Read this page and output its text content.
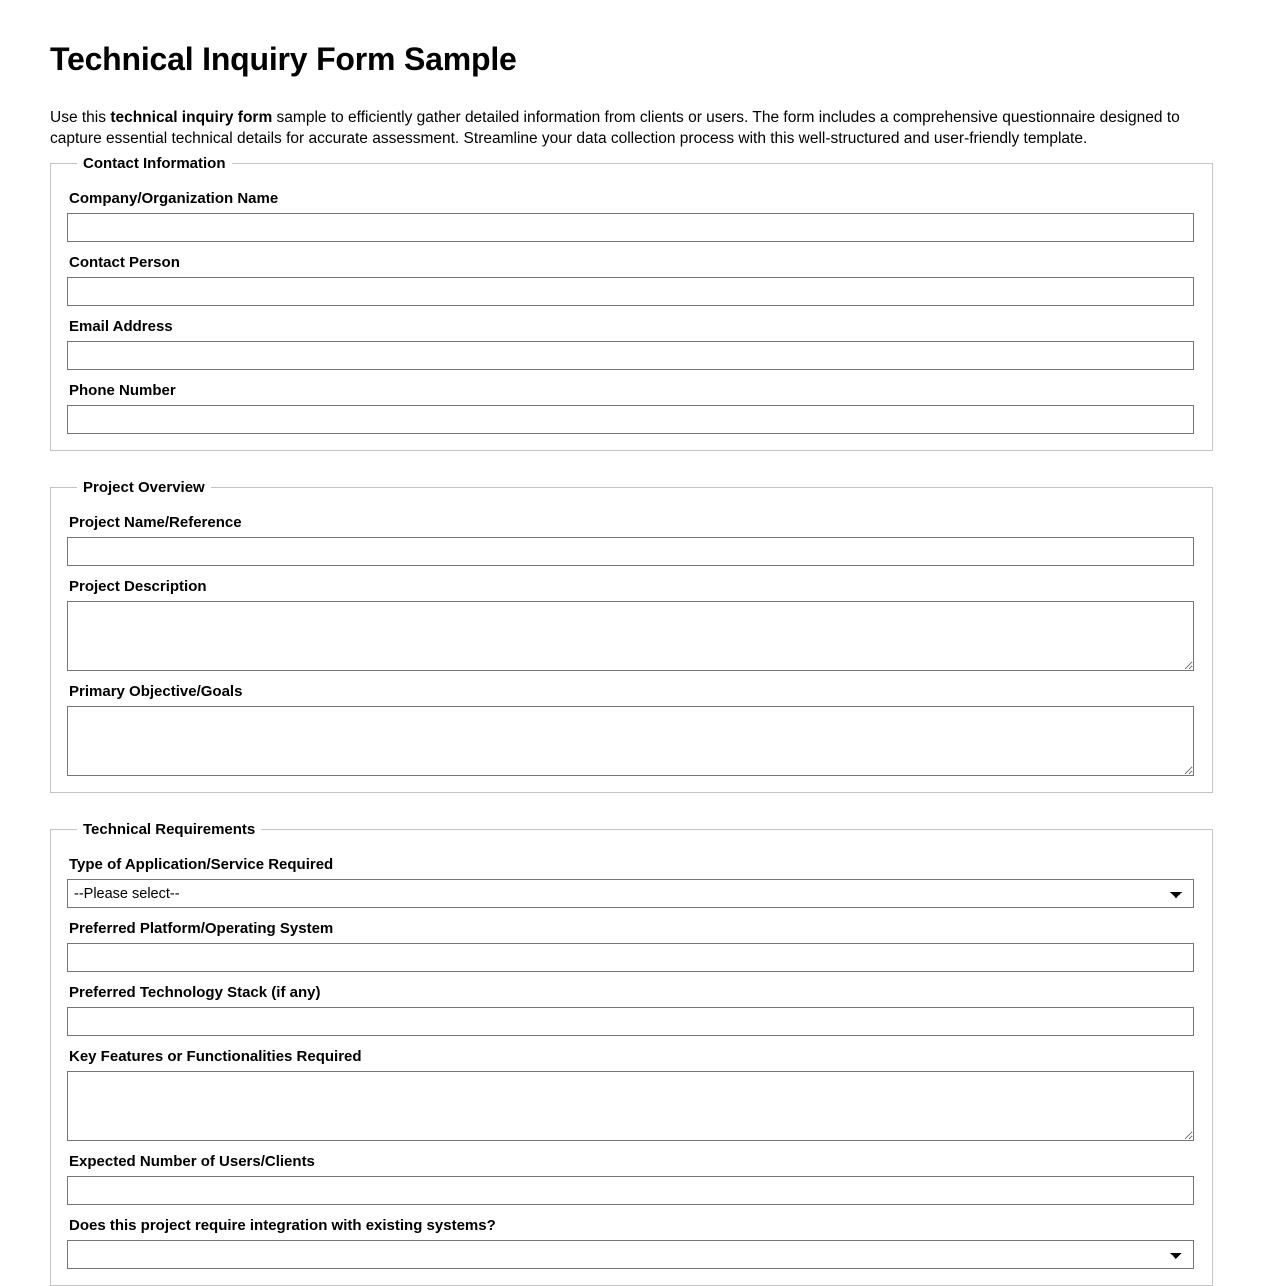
Technical Inquiry Form Sample

Use this technical inquiry form sample to efficiently gather detailed information from clients or users. The form includes a comprehensive questionnaire designed to capture essential technical details for accurate assessment. Streamline your data collection process with this well-structured and user-friendly template.

Contact Information
Company/Organization Name
Contact Person
Email Address
Phone Number
Project Overview
Project Name/Reference
Project Description
Primary Objective/Goals
Technical Requirements
Type of Application/Service Required
--Please select--
Preferred Platform/Operating System
Preferred Technology Stack (if any)
Key Features or Functionalities Required
Expected Number of Users/Clients
Does this project require integration with existing systems?
